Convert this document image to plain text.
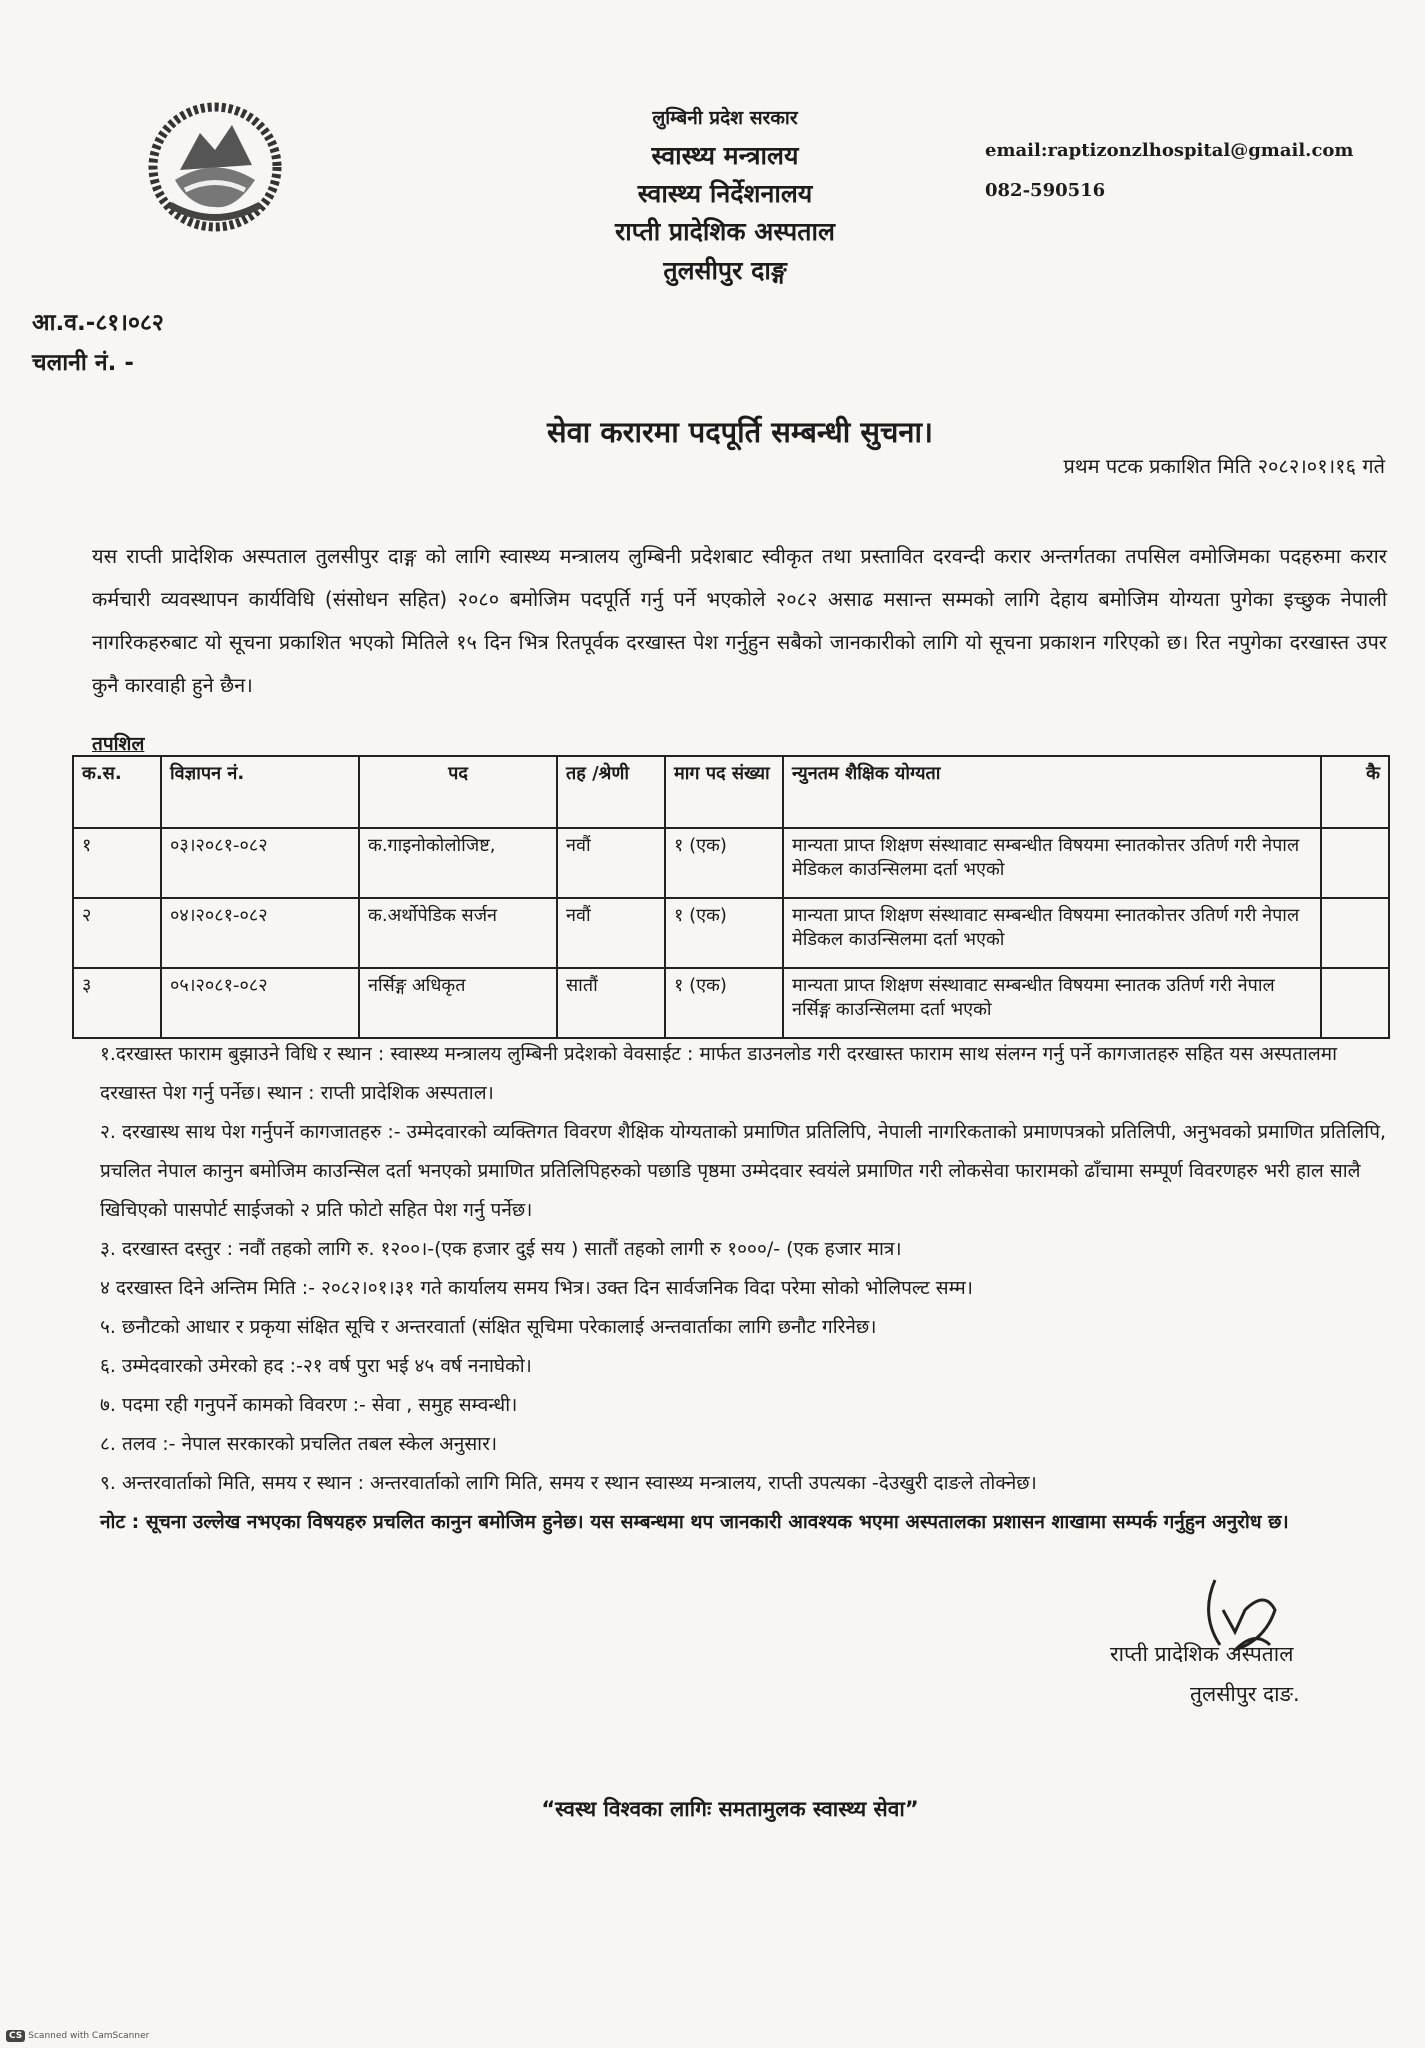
लुम्बिनी प्रदेश सरकार
स्वास्थ्य मन्त्रालय
स्वास्थ्य निर्देशनालय
राप्ती प्रादेशिक अस्पताल
तुलसीपुर दाङ्ग
email:raptizonzlhospital@gmail.com
082-590516
आ.व.-८१।०८२
चलानी नं. -
सेवा करारमा पदपूर्ति सम्बन्धी सुचना।
प्रथम पटक प्रकाशित मिति २०८२।०१।१६ गते
यस राप्ती प्रादेशिक अस्पताल तुलसीपुर दाङ्ग को लागि स्वास्थ्य मन्त्रालय लुम्बिनी प्रदेशबाट स्वीकृत तथा प्रस्तावित दरवन्दी करार अन्तर्गतका तपसिल वमोजिमका पदहरुमा करार कर्मचारी व्यवस्थापन कार्यविधि (संसोधन सहित) २०८० बमोजिम पदपूर्ति गर्नु पर्ने भएकोले २०८२ असाढ मसान्त सम्मको लागि देहाय बमोजिम योग्यता पुगेका इच्छुक नेपाली नागरिकहरुबाट यो सूचना प्रकाशित भएको मितिले १५ दिन भित्र रितपूर्वक दरखास्त पेश गर्नुहुन सबैको जानकारीको लागि यो सूचना प्रकाशन गरिएको छ। रित नपुगेका दरखास्त उपर कुनै कारवाही हुने छैन।
तपशिल
क.स.	विज्ञापन नं.	पद	तह /श्रेणी	माग पद संख्या	न्युनतम शैक्षिक योग्यता	कै
१	०३।२०८१-०८२	क.गाइनोकोलोजिष्ट,	नवौं	१ (एक)	मान्यता प्राप्त शिक्षण संस्थावाट सम्बन्धीत विषयमा स्नातकोत्तर उतिर्ण गरी नेपाल मेडिकल काउन्सिलमा दर्ता भएको	
२	०४।२०८१-०८२	क.अर्थोपेडिक सर्जन	नवौं	१ (एक)	मान्यता प्राप्त शिक्षण संस्थावाट सम्बन्धीत विषयमा स्नातकोत्तर उतिर्ण गरी नेपाल मेडिकल काउन्सिलमा दर्ता भएको	
३	०५।२०८१-०८२	नर्सिङ्ग अधिकृत	सातौं	१ (एक)	मान्यता प्राप्त शिक्षण संस्थावाट सम्बन्धीत विषयमा स्नातक उतिर्ण गरी नेपाल नर्सिङ्ग काउन्सिलमा दर्ता भएको	

१.दरखास्त फाराम बुझाउने विधि र स्थान : स्वास्थ्य मन्त्रालय लुम्बिनी प्रदेशको वेवसाईट : मार्फत डाउनलोड गरी दरखास्त फाराम साथ संलग्न गर्नु पर्ने कागजातहरु सहित यस अस्पतालमा दरखास्त पेश गर्नु पर्नेछ। स्थान : राप्ती प्रादेशिक अस्पताल।

२. दरखास्थ साथ पेश गर्नुपर्ने कागजातहरु :- उम्मेदवारको व्यक्तिगत विवरण शैक्षिक योग्यताको प्रमाणित प्रतिलिपि, नेपाली नागरिकताको प्रमाणपत्रको प्रतिलिपी, अनुभवको प्रमाणित प्रतिलिपि, प्रचलित नेपाल कानुन बमोजिम काउन्सिल दर्ता भनएको प्रमाणित प्रतिलिपिहरुको पछाडि पृष्ठमा उम्मेदवार स्वयंले प्रमाणित गरी लोकसेवा फारामको ढाँचामा सम्पूर्ण विवरणहरु भरी हाल सालै खिचिएको पासपोर्ट साईजको २ प्रति फोटो सहित पेश गर्नु पर्नेछ।

३. दरखास्त दस्तुर : नवौं तहको लागि रु. १२००।-(एक हजार दुई सय ) सातौं तहको लागी रु १०००/- (एक हजार मात्र।

४ दरखास्त दिने अन्तिम मिति :- २०८२।०१।३१ गते कार्यालय समय भित्र। उक्त दिन सार्वजनिक विदा परेमा सोको भोलिपल्ट सम्म।

५. छनौटको आधार र प्रकृया संक्षित सूचि र अन्तरवार्ता (संक्षित सूचिमा परेकालाई अन्तवार्ताका लागि छनौट गरिनेछ।

६. उम्मेदवारको उमेरको हद :-२१ वर्ष पुरा भई ४५ वर्ष ननाघेको।

७. पदमा रही गनुपर्ने कामको विवरण :- सेवा , समुह सम्वन्धी।

८. तलव :- नेपाल सरकारको प्रचलित तबल स्केल अनुसार।

९. अन्तरवार्ताको मिति, समय र स्थान : अन्तरवार्ताको लागि मिति, समय र स्थान स्वास्थ्य मन्त्रालय, राप्ती उपत्यका -देउखुरी दाङले तोक्नेछ।

नोट : सूचना उल्लेख नभएका विषयहरु प्रचलित कानुन बमोजिम हुनेछ। यस सम्बन्धमा थप जानकारी आवश्यक भएमा अस्पतालका प्रशासन शाखामा सम्पर्क गर्नुहुन अनुरोध छ।

राप्ती प्रादेशिक अस्पताल
तुलसीपुर दाङ.
“स्वस्थ विश्वका लागिः समतामुलक स्वास्थ्य सेवा”
CS Scanned with CamScanner
